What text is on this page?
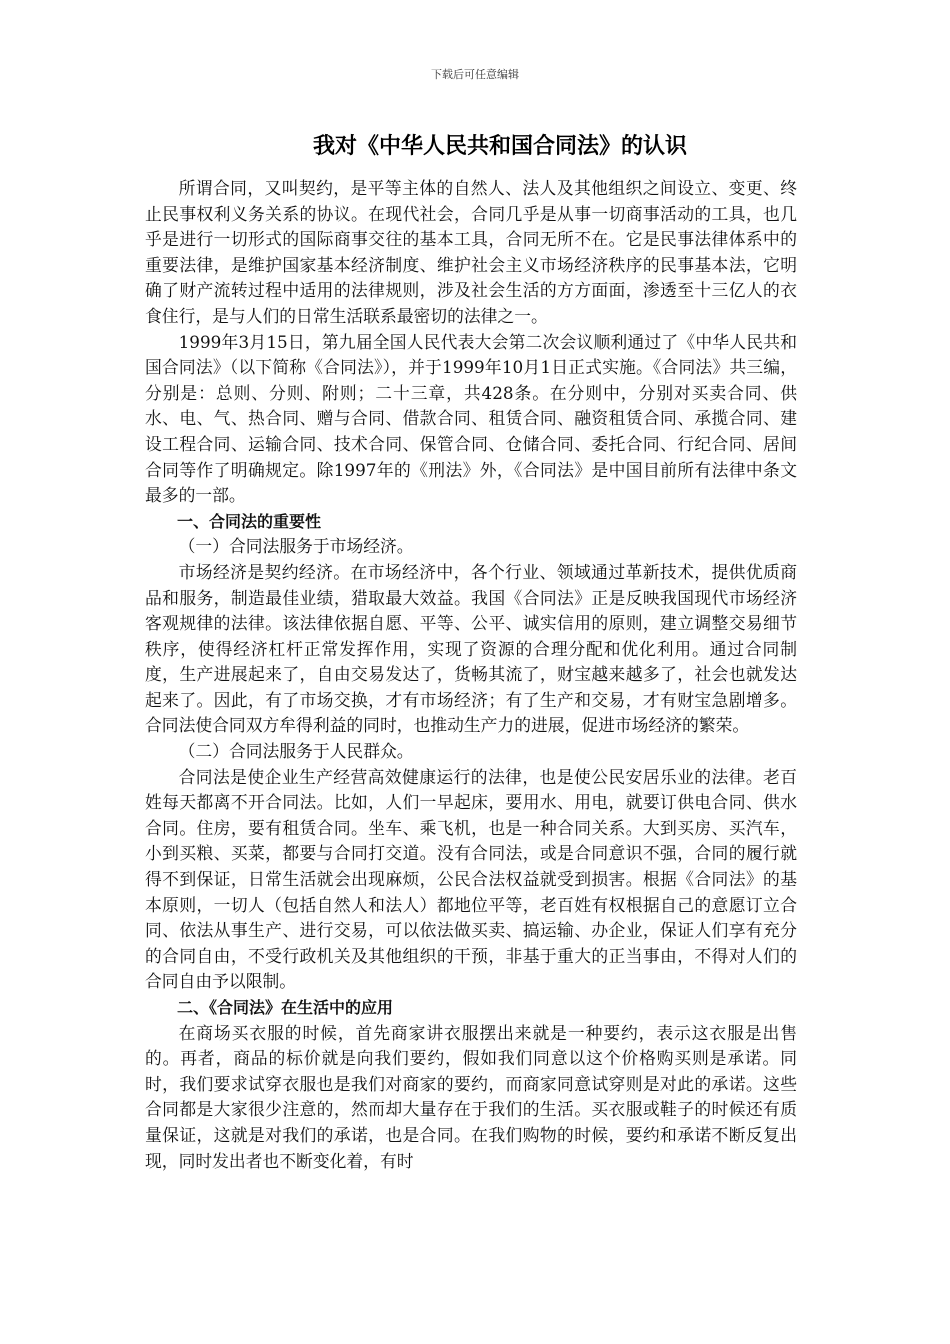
下载后可任意编辑
我对《中华人民共和国合同法》的认识

所谓合同，又叫契约，是平等主体的自然人、法人及其他组织之间设立、变更、终止民事权利义务关系的协议。在现代社会，合同几乎是从事一切商事活动的工具，也几乎是进行一切形式的国际商事交往的基本工具，合同无所不在。它是民事法律体系中的重要法律，是维护国家基本经济制度、维护社会主义市场经济秩序的民事基本法，它明确了财产流转过程中适用的法律规则，涉及社会生活的方方面面，渗透至十三亿人的衣食住行，是与人们的日常生活联系最密切的法律之一。

1999年3月15日，第九届全国人民代表大会第二次会议顺利通过了《中华人民共和国合同法》（以下简称《合同法》），并于1999年10月1日正式实施。《合同法》共三编，分别是：总则、分则、附则；二十三章，共428条。在分则中，分别对买卖合同、供水、电、气、热合同、赠与合同、借款合同、租赁合同、融资租赁合同、承揽合同、建设工程合同、运输合同、技术合同、保管合同、仓储合同、委托合同、行纪合同、居间合同等作了明确规定。除1997年的《刑法》外，《合同法》是中国目前所有法律中条文最多的一部。

一、合同法的重要性

（一）合同法服务于市场经济。

市场经济是契约经济。在市场经济中，各个行业、领域通过革新技术，提供优质商品和服务，制造最佳业绩，猎取最大效益。我国《合同法》正是反映我国现代市场经济客观规律的法律。该法律依据自愿、平等、公平、诚实信用的原则，建立调整交易细节秩序，使得经济杠杆正常发挥作用，实现了资源的合理分配和优化利用。通过合同制度，生产进展起来了，自由交易发达了，货畅其流了，财宝越来越多了，社会也就发达起来了。因此，有了市场交换，才有市场经济；有了生产和交易，才有财宝急剧增多。合同法使合同双方牟得利益的同时，也推动生产力的进展，促进市场经济的繁荣。

（二）合同法服务于人民群众。

合同法是使企业生产经营高效健康运行的法律，也是使公民安居乐业的法律。老百姓每天都离不开合同法。比如，人们一早起床，要用水、用电，就要订供电合同、供水合同。住房，要有租赁合同。坐车、乘飞机，也是一种合同关系。大到买房、买汽车，小到买粮、买菜，都要与合同打交道。没有合同法，或是合同意识不强，合同的履行就得不到保证，日常生活就会出现麻烦，公民合法权益就受到损害。根据《合同法》的基本原则，一切人（包括自然人和法人）都地位平等，老百姓有权根据自己的意愿订立合同、依法从事生产、进行交易，可以依法做买卖、搞运输、办企业，保证人们享有充分的合同自由，不受行政机关及其他组织的干预，非基于重大的正当事由，不得对人们的合同自由予以限制。

二、《合同法》在生活中的应用

在商场买衣服的时候，首先商家讲衣服摆出来就是一种要约，表示这衣服是出售的。再者，商品的标价就是向我们要约，假如我们同意以这个价格购买则是承诺。同时，我们要求试穿衣服也是我们对商家的要约，而商家同意试穿则是对此的承诺。这些合同都是大家很少注意的，然而却大量存在于我们的生活。买衣服或鞋子的时候还有质量保证，这就是对我们的承诺，也是合同。在我们购物的时候，要约和承诺不断反复出现，同时发出者也不断变化着，有时
